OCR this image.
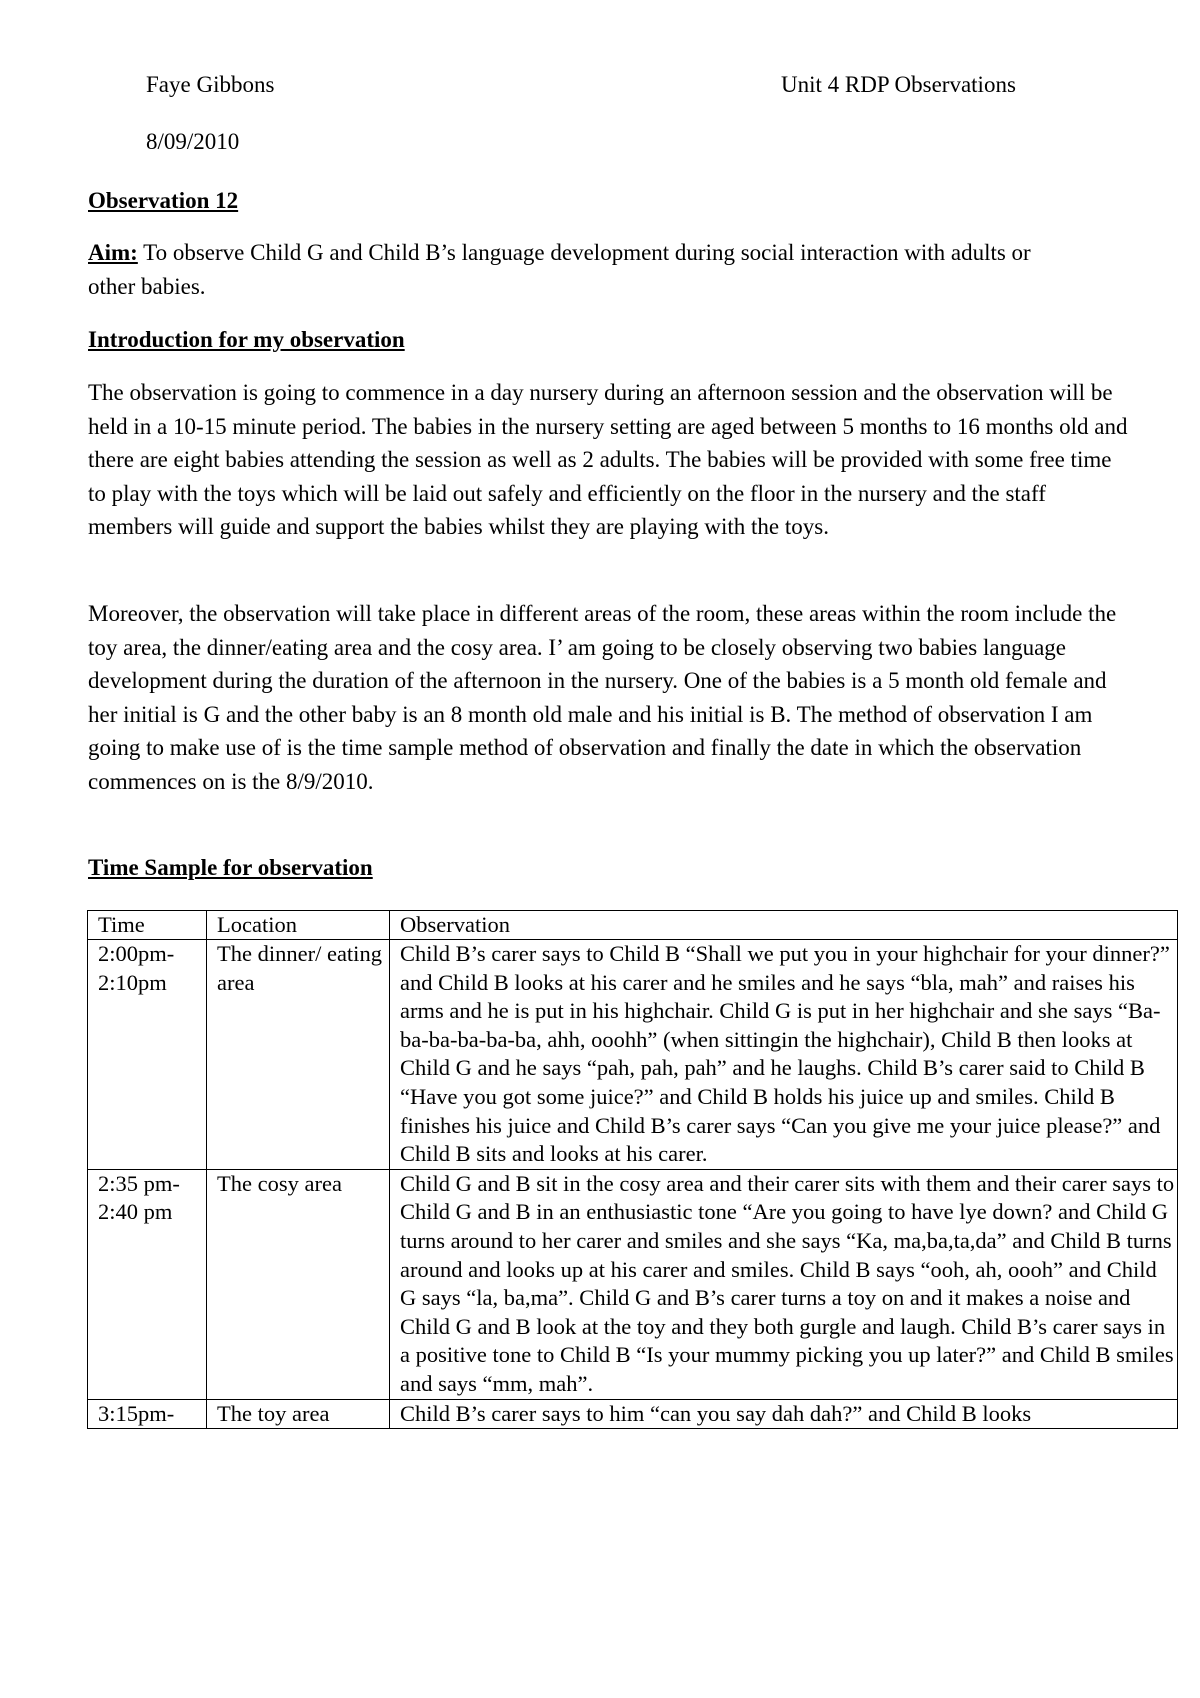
Faye Gibbons	Unit 4 RDP Observations
8/09/2010
Observation 12
Aim: To observe Child G and Child B’s language development during social interaction with adults or other babies.
Introduction for my observation
The observation is going to commence in a day nursery during an afternoon session and the observation will be held in a 10-15 minute period. The babies in the nursery setting are aged between 5 months to 16 months old and there are eight babies attending the session as well as 2 adults. The babies will be provided with some free time to play with the toys which will be laid out safely and efficiently on the floor in the nursery and the staff members will guide and support the babies whilst they are playing with the toys.
Moreover, the observation will take place in different areas of the room, these areas within the room include the toy area, the dinner/eating area and the cosy area. I’ am going to be closely observing two babies language development during the duration of the afternoon in the nursery. One of the babies is a 5 month old female and her initial is G and the other baby is an 8 month old male and his initial is B. The method of observation I am going to make use of is the time sample method of observation and finally the date in which the observation commences on is the 8/9/2010.
Time Sample for observation
Time	Location	Observation
2:00pm-2:10pm	The dinner/ eating area	Child B’s carer says to Child B “Shall we put you in your highchair for your dinner?” and Child B looks at his carer and he smiles and he says “bla, mah” and raises his arms and he is put in his highchair. Child G is put in her highchair and she says “Ba-ba-ba-ba-ba-ba, ahh, ooohh” (when sittingin the highchair), Child B then looks at Child G and he says “pah, pah, pah” and he laughs. Child B’s carer said to Child B “Have you got some juice?” and Child B holds his juice up and smiles. Child B finishes his juice and Child B’s carer says “Can you give me your juice please?” and Child B sits and looks at his carer.
2:35 pm- 2:40 pm	The cosy area	Child G and B sit in the cosy area and their carer sits with them and their carer says to Child G and B in an enthusiastic tone “Are you going to have lye down? and Child G turns around to her carer and smiles and she says “Ka, ma,ba,ta,da” and Child B turns around and looks up at his carer and smiles. Child B says “ooh, ah, oooh” and Child G says “la, ba,ma”. Child G and B’s carer turns a toy on and it makes a noise and Child G and B look at the toy and they both gurgle and laugh. Child B’s carer says in a positive tone to Child B “Is your mummy picking you up later?” and Child B smiles and says “mm, mah”.
3:15pm-	The toy area	Child B’s carer says to him “can you say dah dah?” and Child B looks
